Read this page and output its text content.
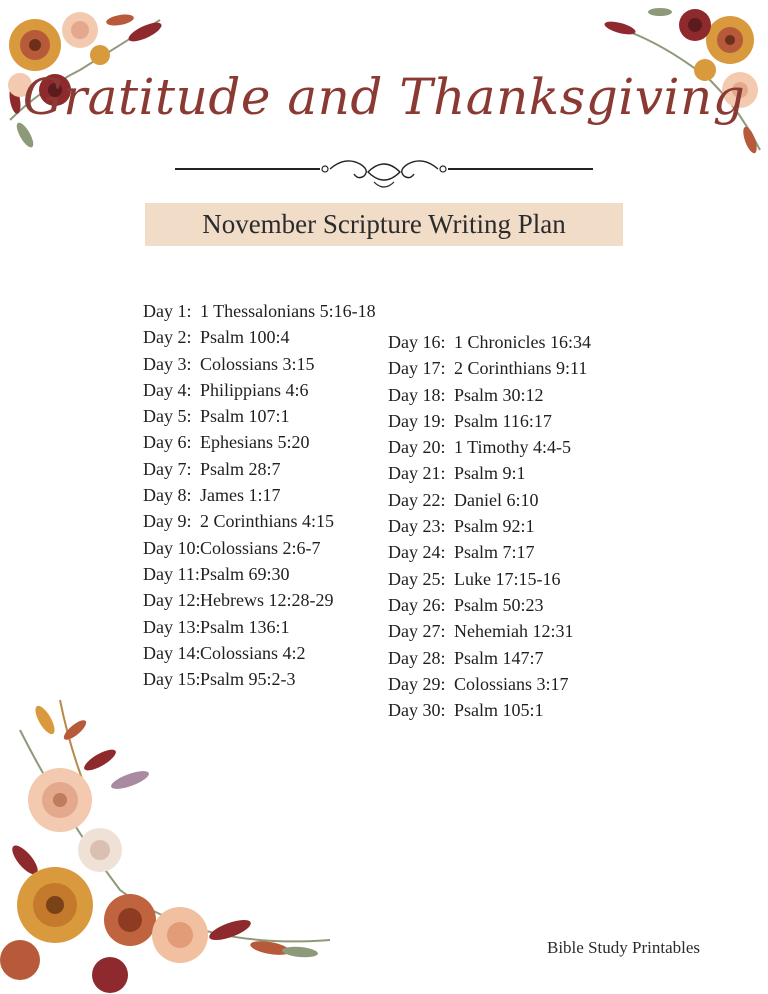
Gratitude and Thanksgiving
November Scripture Writing Plan
Day 1: 1 Thessalonians 5:16-18
Day 2: Psalm 100:4
Day 3: Colossians 3:15
Day 4: Philippians 4:6
Day 5: Psalm 107:1
Day 6: Ephesians 5:20
Day 7: Psalm 28:7
Day 8: James 1:17
Day 9: 2 Corinthians 4:15
Day 10:Colossians 2:6-7
Day 11:Psalm 69:30
Day 12:Hebrews 12:28-29
Day 13:Psalm 136:1
Day 14:Colossians 4:2
Day 15:Psalm 95:2-3
Day 16: 1 Chronicles 16:34
Day 17: 2 Corinthians 9:11
Day 18: Psalm 30:12
Day 19: Psalm 116:17
Day 20: 1 Timothy 4:4-5
Day 21: Psalm 9:1
Day 22: Daniel 6:10
Day 23: Psalm 92:1
Day 24: Psalm 7:17
Day 25: Luke 17:15-16
Day 26: Psalm 50:23
Day 27: Nehemiah 12:31
Day 28: Psalm 147:7
Day 29: Colossians 3:17
Day 30: Psalm 105:1
Bible Study Printables
